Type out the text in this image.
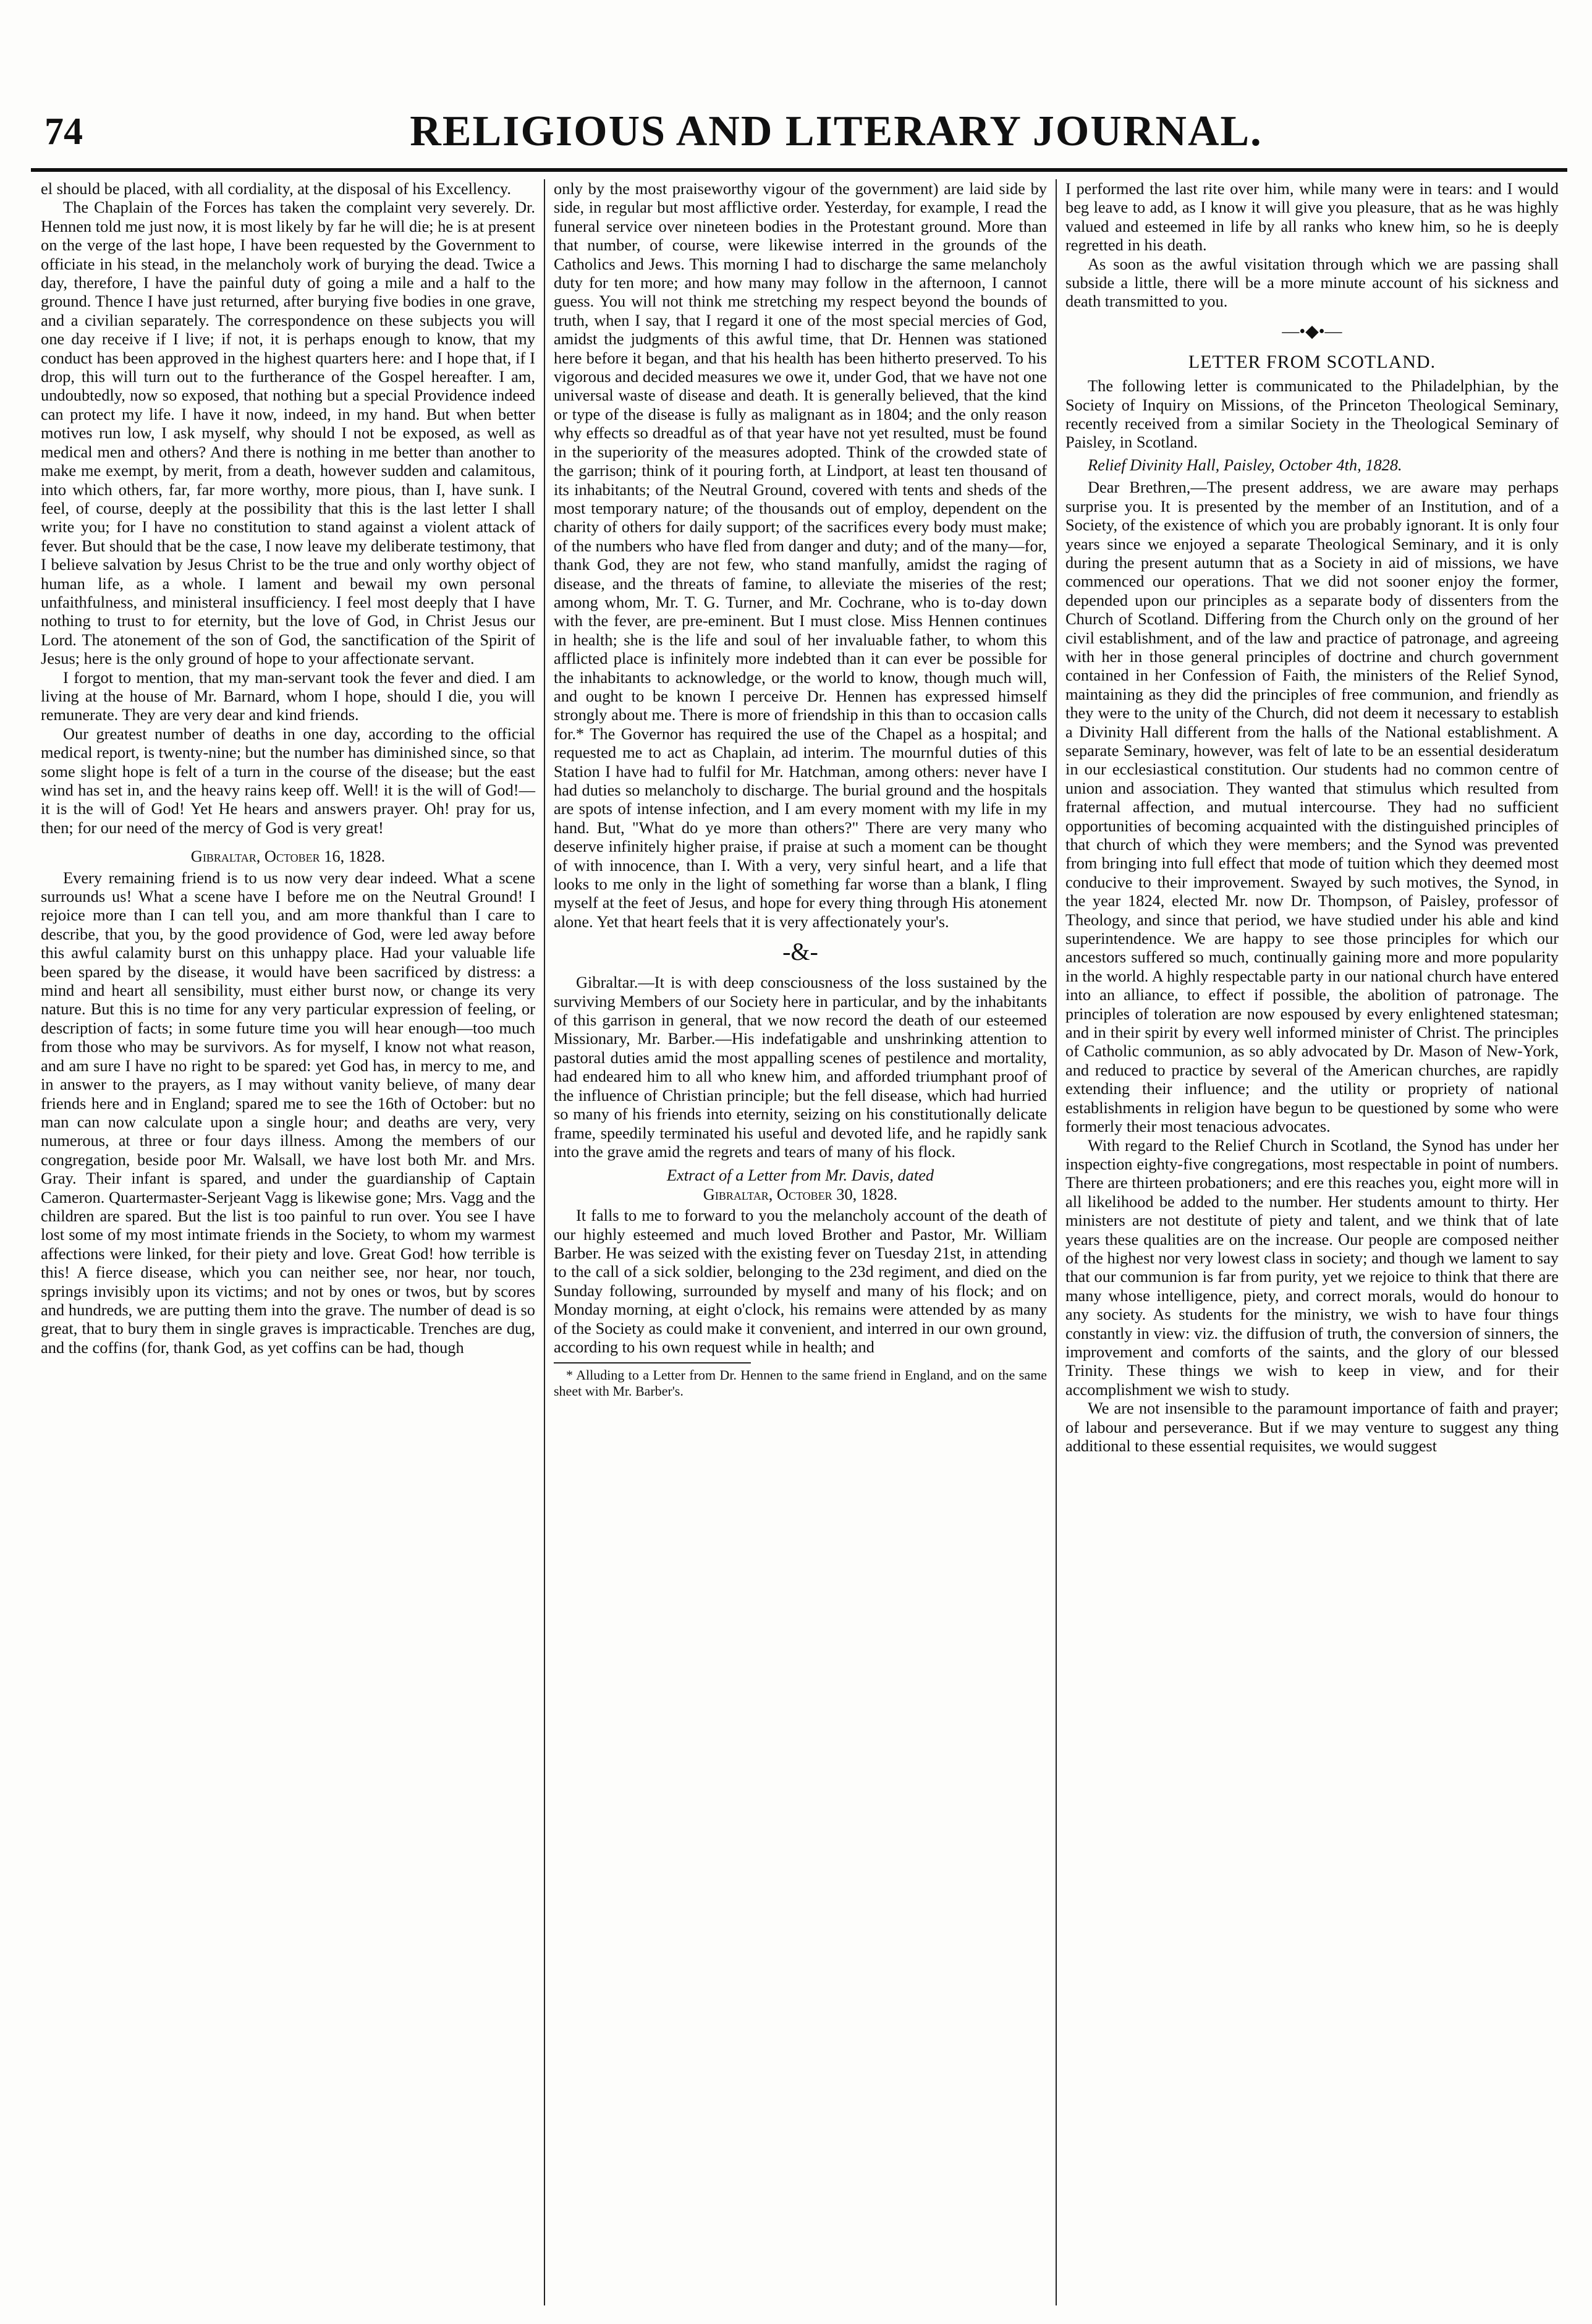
74	RELIGIOUS AND LITERARY JOURNAL.

el should be placed, with all cordiality, at the disposal of his Excellency.

The Chaplain of the Forces has taken the complaint very severely. Dr. Hennen told me just now, it is most likely by far he will die; he is at present on the verge of the last hope, I have been requested by the Government to officiate in his stead, in the melancholy work of burying the dead. Twice a day, therefore, I have the painful duty of going a mile and a half to the ground. Thence I have just returned, after burying five bodies in one grave, and a civilian separately. The correspondence on these subjects you will one day receive if I live; if not, it is perhaps enough to know, that my conduct has been approved in the highest quarters here: and I hope that, if I drop, this will turn out to the furtherance of the Gospel hereafter. I am, undoubtedly, now so exposed, that nothing but a special Providence indeed can protect my life. I have it now, indeed, in my hand. But when better motives run low, I ask myself, why should I not be exposed, as well as medical men and others? And there is nothing in me better than another to make me exempt, by merit, from a death, however sudden and calamitous, into which others, far, far more worthy, more pious, than I, have sunk. I feel, of course, deeply at the possibility that this is the last letter I shall write you; for I have no constitution to stand against a violent attack of fever. But should that be the case, I now leave my deliberate testimony, that I believe salvation by Jesus Christ to be the true and only worthy object of human life, as a whole. I lament and bewail my own personal unfaithfulness, and ministeral insufficiency. I feel most deeply that I have nothing to trust to for eternity, but the love of God, in Christ Jesus our Lord. The atonement of the son of God, the sanctification of the Spirit of Jesus; here is the only ground of hope to your affectionate servant.

I forgot to mention, that my man-servant took the fever and died. I am living at the house of Mr. Barnard, whom I hope, should I die, you will remunerate. They are very dear and kind friends.

Our greatest number of deaths in one day, according to the official medical report, is twenty-nine; but the number has diminished since, so that some slight hope is felt of a turn in the course of the disease; but the east wind has set in, and the heavy rains keep off. Well! it is the will of God!—it is the will of God! Yet He hears and answers prayer. Oh! pray for us, then; for our need of the mercy of God is very great!

Gibraltar, October 16, 1828.

Every remaining friend is to us now very dear indeed. What a scene surrounds us! What a scene have I before me on the Neutral Ground! I rejoice more than I can tell you, and am more thankful than I care to describe, that you, by the good providence of God, were led away before this awful calamity burst on this unhappy place. Had your valuable life been spared by the disease, it would have been sacrificed by distress: a mind and heart all sensibility, must either burst now, or change its very nature. But this is no time for any very particular expression of feeling, or description of facts; in some future time you will hear enough—too much from those who may be survivors. As for myself, I know not what reason, and am sure I have no right to be spared: yet God has, in mercy to me, and in answer to the prayers, as I may without vanity believe, of many dear friends here and in England; spared me to see the 16th of October: but no man can now calculate upon a single hour; and deaths are very, very numerous, at three or four days illness. Among the members of our congregation, beside poor Mr. Walsall, we have lost both Mr. and Mrs. Gray. Their infant is spared, and under the guardianship of Captain Cameron. Quartermaster-Serjeant Vagg is likewise gone; Mrs. Vagg and the children are spared. But the list is too painful to run over. You see I have lost some of my most intimate friends in the Society, to whom my warmest affections were linked, for their piety and love. Great God! how terrible is this! A fierce disease, which you can neither see, nor hear, nor touch, springs invisibly upon its victims; and not by ones or twos, but by scores and hundreds, we are putting them into the grave. The number of dead is so great, that to bury them in single graves is impracticable. Trenches are dug, and the coffins (for, thank God, as yet coffins can be had, though

only by the most praiseworthy vigour of the government) are laid side by side, in regular but most afflictive order. Yesterday, for example, I read the funeral service over nineteen bodies in the Protestant ground. More than that number, of course, were likewise interred in the grounds of the Catholics and Jews. This morning I had to discharge the same melancholy duty for ten more; and how many may follow in the afternoon, I cannot guess. You will not think me stretching my respect beyond the bounds of truth, when I say, that I regard it one of the most special mercies of God, amidst the judgments of this awful time, that Dr. Hennen was stationed here before it began, and that his health has been hitherto preserved. To his vigorous and decided measures we owe it, under God, that we have not one universal waste of disease and death. It is generally believed, that the kind or type of the disease is fully as malignant as in 1804; and the only reason why effects so dreadful as of that year have not yet resulted, must be found in the superiority of the measures adopted. Think of the crowded state of the garrison; think of it pouring forth, at Lindport, at least ten thousand of its inhabitants; of the Neutral Ground, covered with tents and sheds of the most temporary nature; of the thousands out of employ, dependent on the charity of others for daily support; of the sacrifices every body must make; of the numbers who have fled from danger and duty; and of the many—for, thank God, they are not few, who stand manfully, amidst the raging of disease, and the threats of famine, to alleviate the miseries of the rest; among whom, Mr. T. G. Turner, and Mr. Cochrane, who is to-day down with the fever, are pre-eminent. But I must close. Miss Hennen continues in health; she is the life and soul of her invaluable father, to whom this afflicted place is infinitely more indebted than it can ever be possible for the inhabitants to acknowledge, or the world to know, though much will, and ought to be known I perceive Dr. Hennen has expressed himself strongly about me. There is more of friendship in this than to occasion calls for.* The Governor has required the use of the Chapel as a hospital; and requested me to act as Chaplain, ad interim. The mournful duties of this Station I have had to fulfil for Mr. Hatchman, among others: never have I had duties so melancholy to discharge. The burial ground and the hospitals are spots of intense infection, and I am every moment with my life in my hand. But, "What do ye more than others?" There are very many who deserve infinitely higher praise, if praise at such a moment can be thought of with innocence, than I. With a very, very sinful heart, and a life that looks to me only in the light of something far worse than a blank, I fling myself at the feet of Jesus, and hope for every thing through His atonement alone. Yet that heart feels that it is very affectionately your's.

-&-

Gibraltar.—It is with deep consciousness of the loss sustained by the surviving Members of our Society here in particular, and by the inhabitants of this garrison in general, that we now record the death of our esteemed Missionary, Mr. Barber.—His indefatigable and unshrinking attention to pastoral duties amid the most appalling scenes of pestilence and mortality, had endeared him to all who knew him, and afforded triumphant proof of the influence of Christian principle; but the fell disease, which had hurried so many of his friends into eternity, seizing on his constitutionally delicate frame, speedily terminated his useful and devoted life, and he rapidly sank into the grave amid the regrets and tears of many of his flock.

Extract of a Letter from Mr. Davis, dated

Gibraltar, October 30, 1828.

It falls to me to forward to you the melancholy account of the death of our highly esteemed and much loved Brother and Pastor, Mr. William Barber. He was seized with the existing fever on Tuesday 21st, in attending to the call of a sick soldier, belonging to the 23d regiment, and died on the Sunday following, surrounded by myself and many of his flock; and on Monday morning, at eight o'clock, his remains were attended by as many of the Society as could make it convenient, and interred in our own ground, according to his own request while in health; and

* Alluding to a Letter from Dr. Hennen to the same friend in England, and on the same sheet with Mr. Barber's.

I performed the last rite over him, while many were in tears: and I would beg leave to add, as I know it will give you pleasure, that as he was highly valued and esteemed in life by all ranks who knew him, so he is deeply regretted in his death.

As soon as the awful visitation through which we are passing shall subside a little, there will be a more minute account of his sickness and death transmitted to you.

—•◆•—

LETTER FROM SCOTLAND.

The following letter is communicated to the Philadelphian, by the Society of Inquiry on Missions, of the Princeton Theological Seminary, recently received from a similar Society in the Theological Seminary of Paisley, in Scotland.

Relief Divinity Hall, Paisley, October 4th, 1828.

Dear Brethren,—The present address, we are aware may perhaps surprise you. It is presented by the member of an Institution, and of a Society, of the existence of which you are probably ignorant. It is only four years since we enjoyed a separate Theological Seminary, and it is only during the present autumn that as a Society in aid of missions, we have commenced our operations. That we did not sooner enjoy the former, depended upon our principles as a separate body of dissenters from the Church of Scotland. Differing from the Church only on the ground of her civil establishment, and of the law and practice of patronage, and agreeing with her in those general principles of doctrine and church government contained in her Confession of Faith, the ministers of the Relief Synod, maintaining as they did the principles of free communion, and friendly as they were to the unity of the Church, did not deem it necessary to establish a Divinity Hall different from the halls of the National establishment. A separate Seminary, however, was felt of late to be an essential desideratum in our ecclesiastical constitution. Our students had no common centre of union and association. They wanted that stimulus which resulted from fraternal affection, and mutual intercourse. They had no sufficient opportunities of becoming acquainted with the distinguished principles of that church of which they were members; and the Synod was prevented from bringing into full effect that mode of tuition which they deemed most conducive to their improvement. Swayed by such motives, the Synod, in the year 1824, elected Mr. now Dr. Thompson, of Paisley, professor of Theology, and since that period, we have studied under his able and kind superintendence. We are happy to see those principles for which our ancestors suffered so much, continually gaining more and more popularity in the world. A highly respectable party in our national church have entered into an alliance, to effect if possible, the abolition of patronage. The principles of toleration are now espoused by every enlightened statesman; and in their spirit by every well informed minister of Christ. The principles of Catholic communion, as so ably advocated by Dr. Mason of New-York, and reduced to practice by several of the American churches, are rapidly extending their influence; and the utility or propriety of national establishments in religion have begun to be questioned by some who were formerly their most tenacious advocates.

With regard to the Relief Church in Scotland, the Synod has under her inspection eighty-five congregations, most respectable in point of numbers. There are thirteen probationers; and ere this reaches you, eight more will in all likelihood be added to the number. Her students amount to thirty. Her ministers are not destitute of piety and talent, and we think that of late years these qualities are on the increase. Our people are composed neither of the highest nor very lowest class in society; and though we lament to say that our communion is far from purity, yet we rejoice to think that there are many whose intelligence, piety, and correct morals, would do honour to any society. As students for the ministry, we wish to have four things constantly in view: viz. the diffusion of truth, the conversion of sinners, the improvement and comforts of the saints, and the glory of our blessed Trinity. These things we wish to keep in view, and for their accomplishment we wish to study.

We are not insensible to the paramount importance of faith and prayer; of labour and perseverance. But if we may venture to suggest any thing additional to these essential requisites, we would suggest
